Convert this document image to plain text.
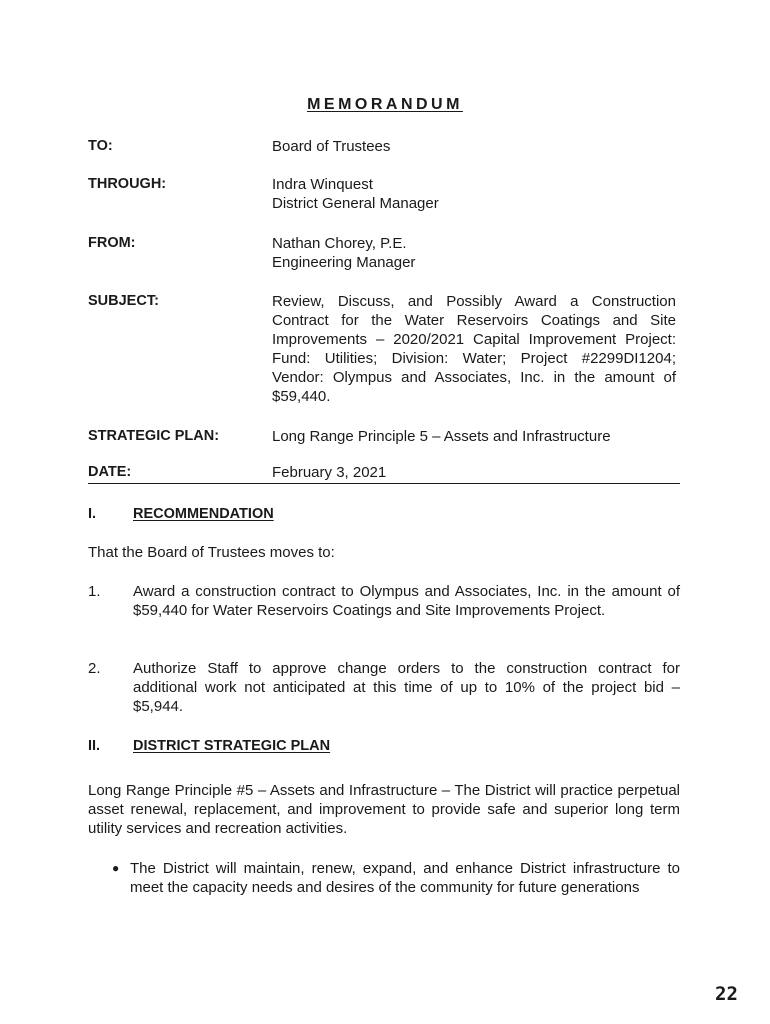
MEMORANDUM
TO:	Board of Trustees
THROUGH:	Indra Winquest
District General Manager
FROM:	Nathan Chorey, P.E.
Engineering Manager
SUBJECT:	Review, Discuss, and Possibly Award a Construction Contract for the Water Reservoirs Coatings and Site Improvements – 2020/2021 Capital Improvement Project: Fund: Utilities; Division: Water; Project #2299DI1204; Vendor: Olympus and Associates, Inc. in the amount of $59,440.
STRATEGIC PLAN:	Long Range Principle 5 – Assets and Infrastructure
DATE:	February 3, 2021
I.	RECOMMENDATION
That the Board of Trustees moves to:
1. Award a construction contract to Olympus and Associates, Inc. in the amount of $59,440 for Water Reservoirs Coatings and Site Improvements Project.
2. Authorize Staff to approve change orders to the construction contract for additional work not anticipated at this time of up to 10% of the project bid – $5,944.
II. DISTRICT STRATEGIC PLAN
Long Range Principle #5 – Assets and Infrastructure – The District will practice perpetual asset renewal, replacement, and improvement to provide safe and superior long term utility services and recreation activities.
● The District will maintain, renew, expand, and enhance District infrastructure to meet the capacity needs and desires of the community for future generations
22
